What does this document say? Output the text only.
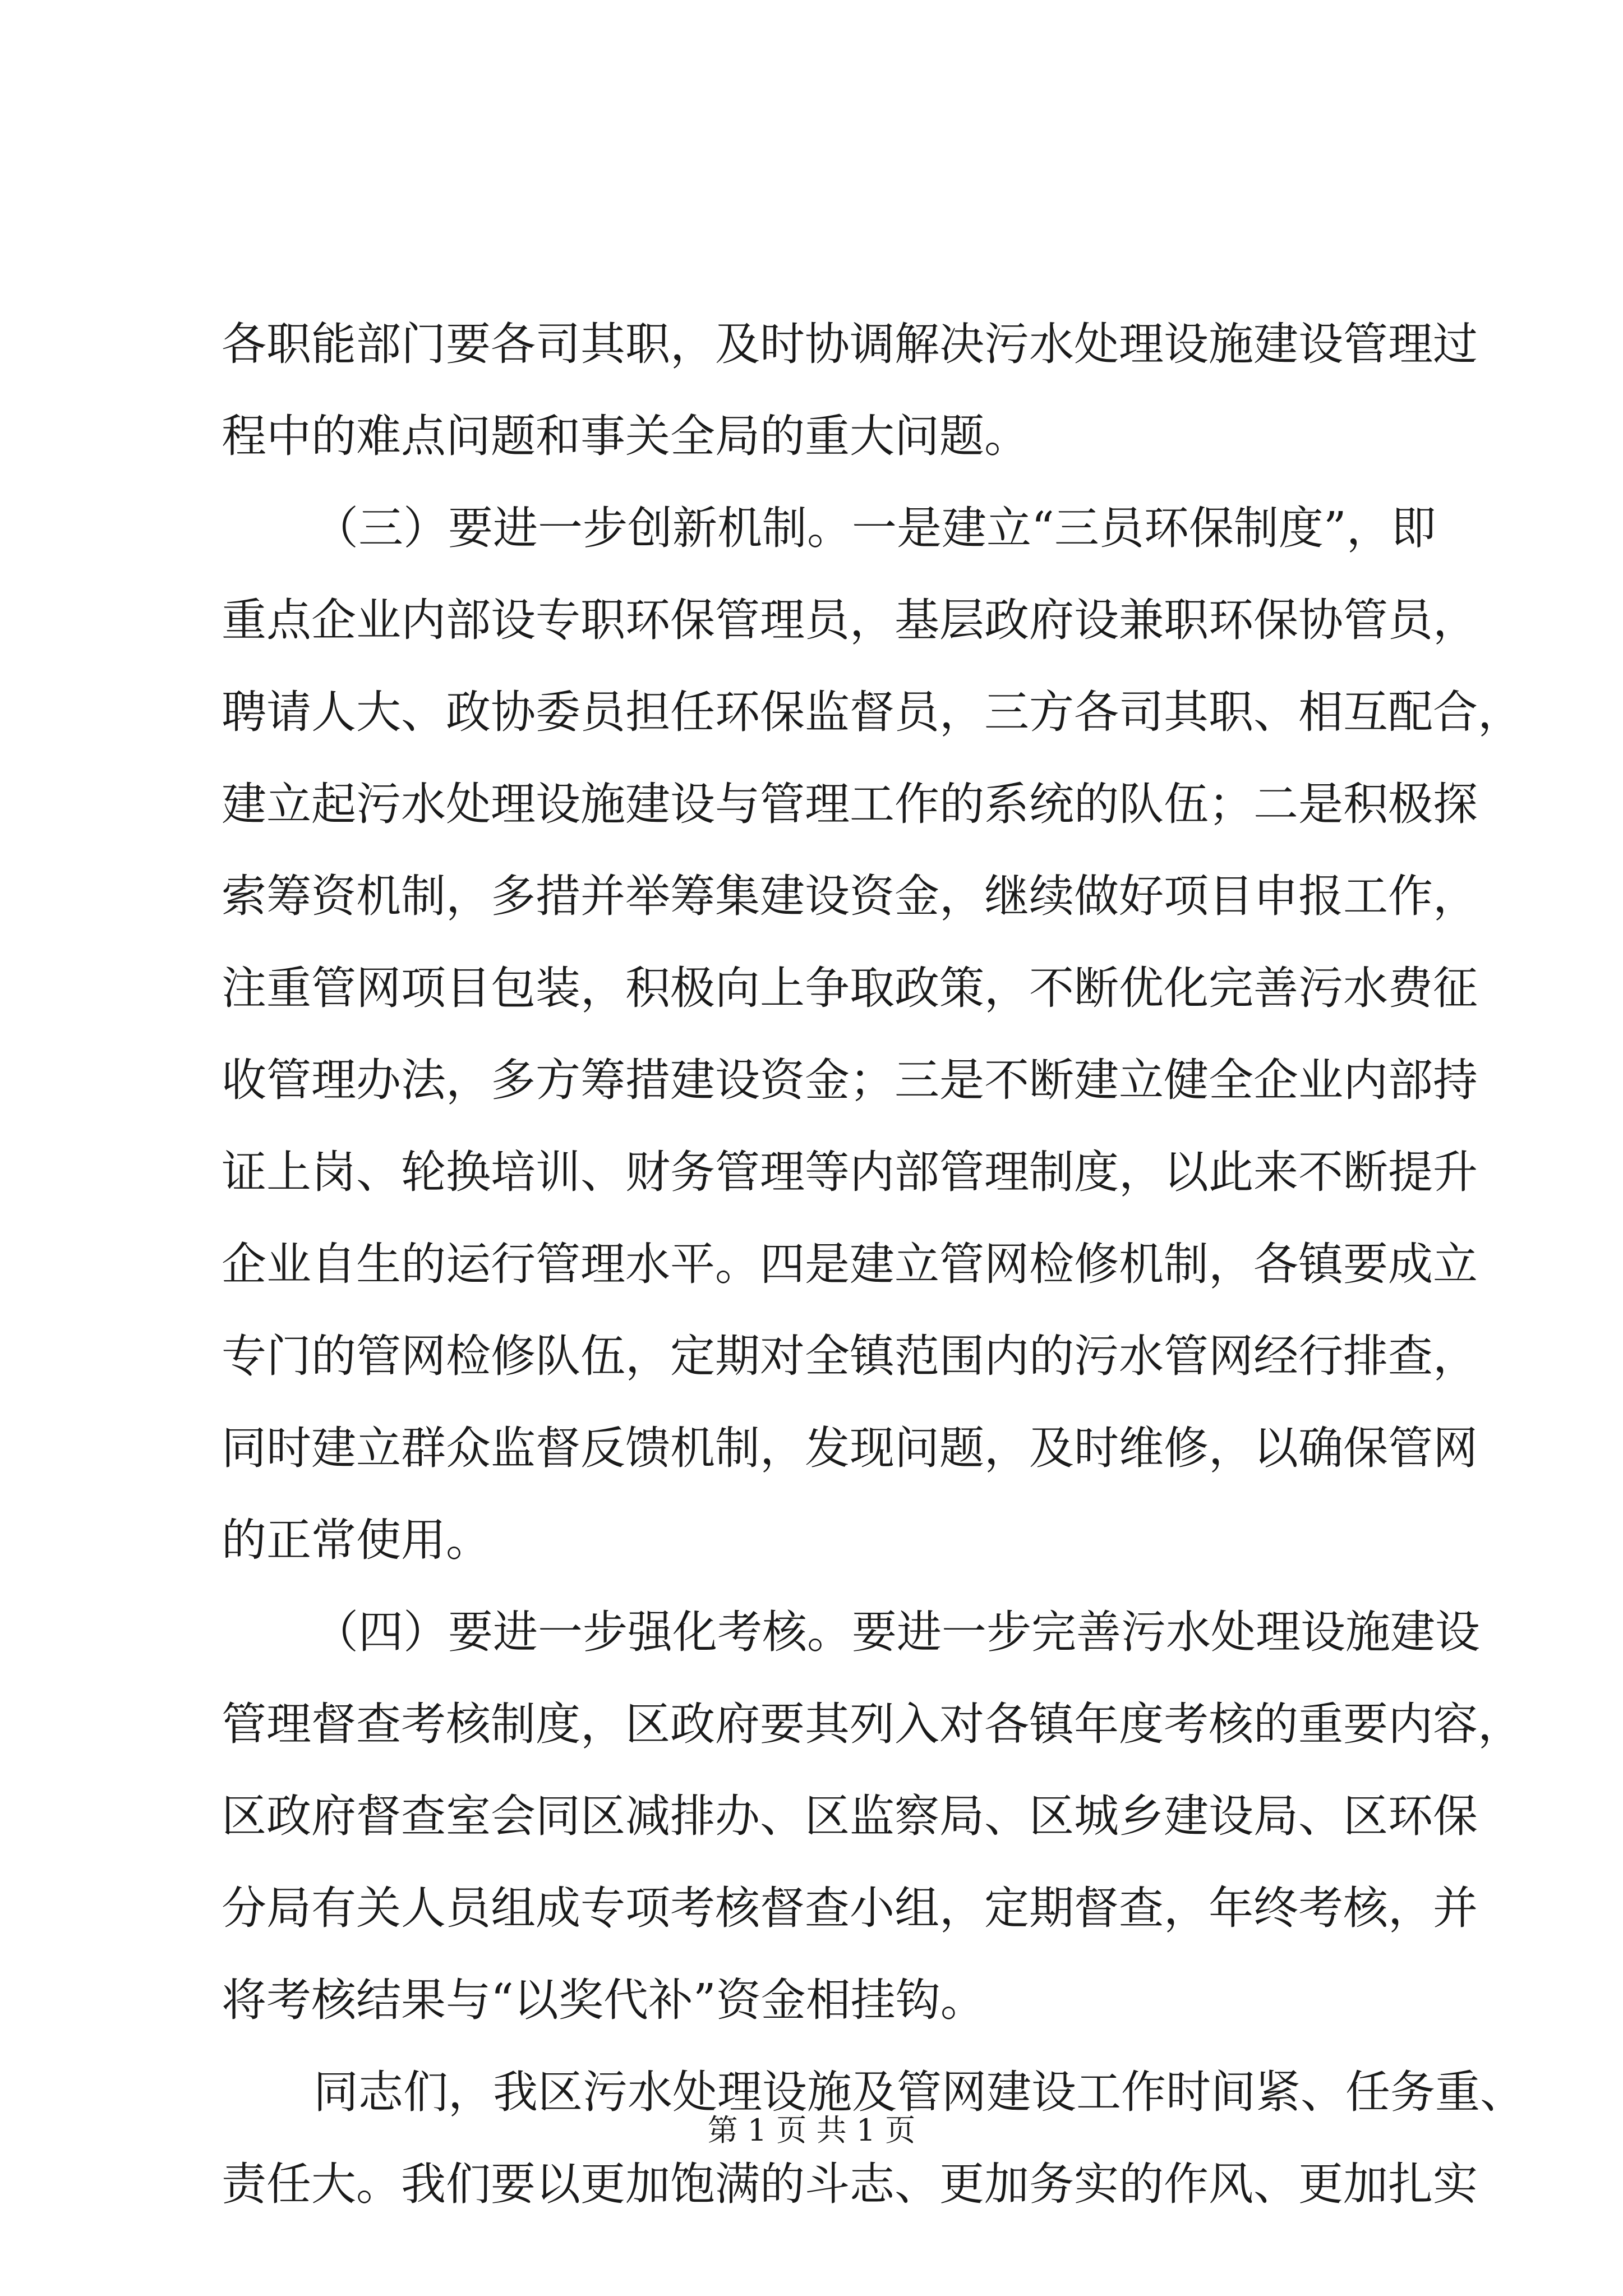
各职能部门要各司其职，及时协调解决污水处理设施建设管理过
程中的难点问题和事关全局的重大问题。
（三）要进一步创新机制。一是建立“三员环保制度”，即
重点企业内部设专职环保管理员，基层政府设兼职环保协管员，
聘请人大、政协委员担任环保监督员，三方各司其职、相互配合，
建立起污水处理设施建设与管理工作的系统的队伍；二是积极探
索筹资机制，多措并举筹集建设资金，继续做好项目申报工作，
注重管网项目包装，积极向上争取政策，不断优化完善污水费征
收管理办法，多方筹措建设资金；三是不断建立健全企业内部持
证上岗、轮换培训、财务管理等内部管理制度，以此来不断提升
企业自生的运行管理水平。四是建立管网检修机制，各镇要成立
专门的管网检修队伍，定期对全镇范围内的污水管网经行排查，
同时建立群众监督反馈机制，发现问题，及时维修，以确保管网
的正常使用。
（四）要进一步强化考核。要进一步完善污水处理设施建设
管理督查考核制度，区政府要其列入对各镇年度考核的重要内容，
区政府督查室会同区减排办、区监察局、区城乡建设局、区环保
分局有关人员组成专项考核督查小组，定期督查，年终考核，并
将考核结果与“以奖代补”资金相挂钩。
同志们，我区污水处理设施及管网建设工作时间紧、任务重、
责任大。我们要以更加饱满的斗志、更加务实的作风、更加扎实
第 1 页 共 1 页
